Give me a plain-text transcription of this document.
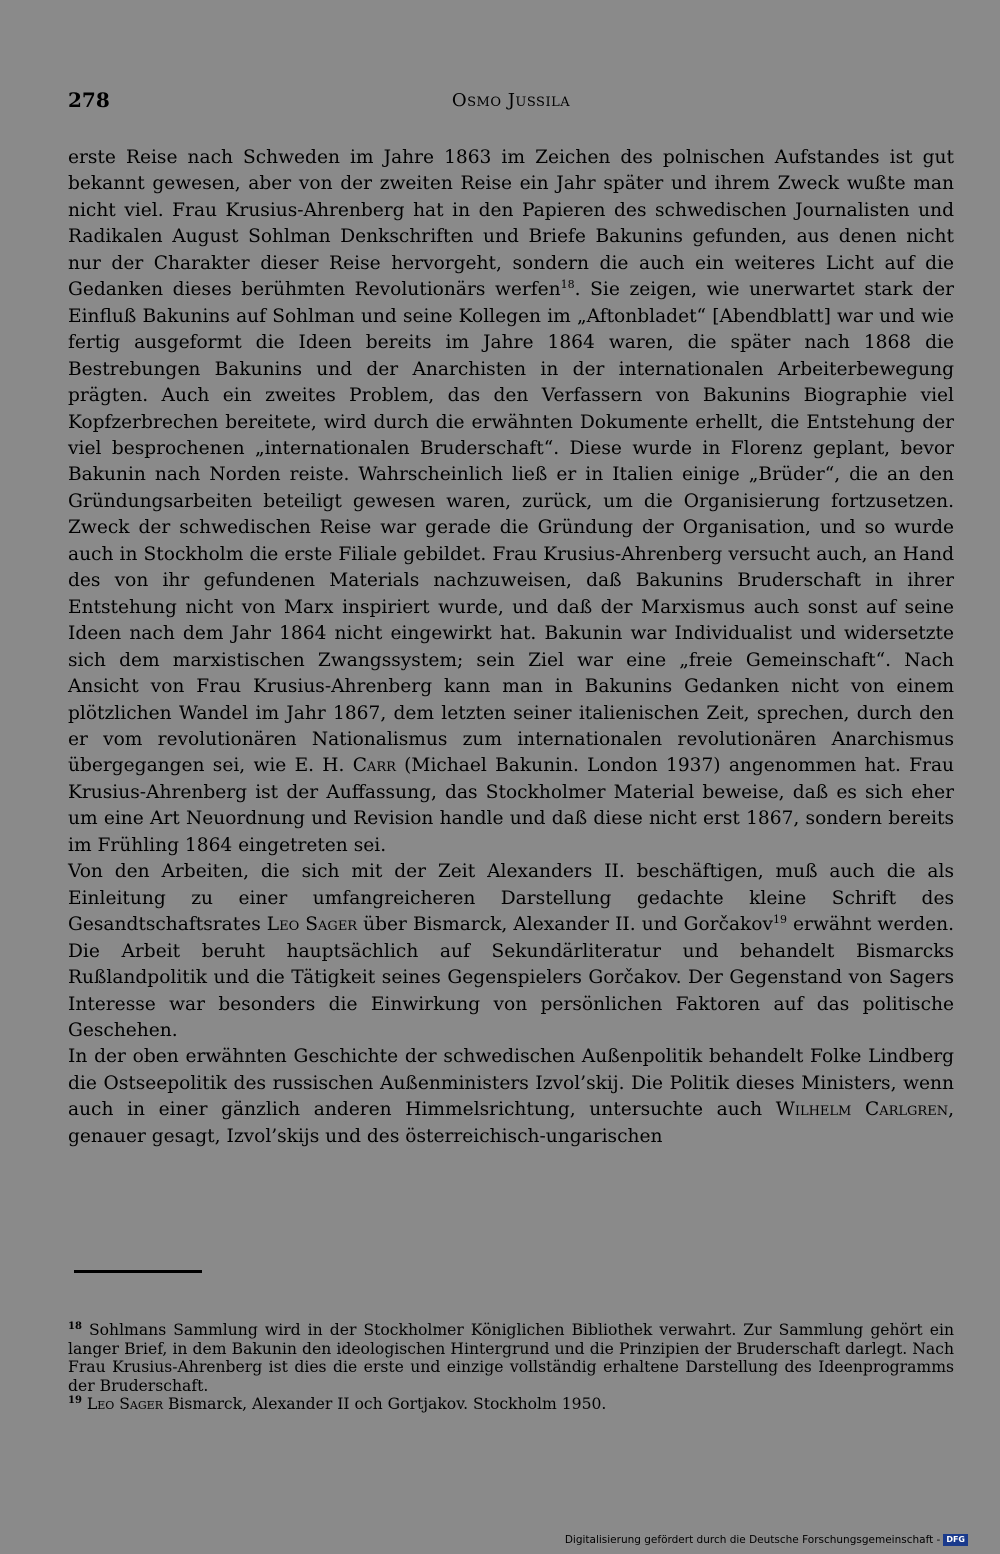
278	Osmo Jussila

erste Reise nach Schweden im Jahre 1863 im Zeichen des polnischen Aufstandes ist gut bekannt gewesen, aber von der zweiten Reise ein Jahr später und ihrem Zweck wußte man nicht viel. Frau Krusius-Ahrenberg hat in den Papieren des schwedischen Journalisten und Radikalen August Sohlman Denkschriften und Briefe Bakunins gefunden, aus denen nicht nur der Charakter dieser Reise hervorgeht, sondern die auch ein weiteres Licht auf die Gedanken dieses berühmten Revolutionärs werfen$^{18}$. Sie zeigen, wie unerwartet stark der Einfluß Bakunins auf Sohlman und seine Kollegen im „Aftonbladet“ [Abendblatt] war und wie fertig ausgeformt die Ideen bereits im Jahre 1864 waren, die später nach 1868 die Bestrebungen Bakunins und der Anarchisten in der internationalen Arbeiterbewegung prägten. Auch ein zweites Problem, das den Verfassern von Bakunins Biographie viel Kopfzerbrechen bereitete, wird durch die erwähnten Dokumente erhellt, die Entstehung der viel besprochenen „internationalen Bruderschaft“. Diese wurde in Florenz geplant, bevor Bakunin nach Norden reiste. Wahrscheinlich ließ er in Italien einige „Brüder“, die an den Gründungsarbeiten beteiligt gewesen waren, zurück, um die Organisierung fortzusetzen. Zweck der schwedischen Reise war gerade die Gründung der Organisation, und so wurde auch in Stockholm die erste Filiale gebildet. Frau Krusius-Ahrenberg versucht auch, an Hand des von ihr gefundenen Materials nachzuweisen, daß Bakunins Bruderschaft in ihrer Entstehung nicht von Marx inspiriert wurde, und daß der Marxismus auch sonst auf seine Ideen nach dem Jahr 1864 nicht eingewirkt hat. Bakunin war Individualist und widersetzte sich dem marxistischen Zwangssystem; sein Ziel war eine „freie Gemeinschaft“. Nach Ansicht von Frau Krusius-Ahrenberg kann man in Bakunins Gedanken nicht von einem plötzlichen Wandel im Jahr 1867, dem letzten seiner italienischen Zeit, sprechen, durch den er vom revolutionären Nationalismus zum internationalen revolutionären Anarchismus übergegangen sei, wie E. H. Carr (Michael Bakunin. London 1937) angenommen hat. Frau Krusius-Ahrenberg ist der Auffassung, das Stockholmer Material beweise, daß es sich eher um eine Art Neuordnung und Revision handle und daß diese nicht erst 1867, sondern bereits im Frühling 1864 eingetreten sei.

Von den Arbeiten, die sich mit der Zeit Alexanders II. beschäftigen, muß auch die als Einleitung zu einer umfangreicheren Darstellung gedachte kleine Schrift des Gesandtschaftsrates Leo Sager über Bismarck, Alexander II. und Gorčakov$^{19}$ erwähnt werden. Die Arbeit beruht hauptsächlich auf Sekundärliteratur und behandelt Bismarcks Rußlandpolitik und die Tätigkeit seines Gegenspielers Gorčakov. Der Gegenstand von Sagers Interesse war besonders die Einwirkung von persönlichen Faktoren auf das politische Geschehen.

In der oben erwähnten Geschichte der schwedischen Außenpolitik behandelt Folke Lindberg die Ostseepolitik des russischen Außenministers Izvol’skij. Die Politik dieses Ministers, wenn auch in einer gänzlich anderen Himmelsrichtung, untersuchte auch Wilhelm Carlgren, genauer gesagt, Izvol’skijs und des österreichisch-ungarischen

$^{18}$ Sohlmans Sammlung wird in der Stockholmer Königlichen Bibliothek verwahrt. Zur Sammlung gehört ein langer Brief, in dem Bakunin den ideologischen Hintergrund und die Prinzipien der Bruderschaft darlegt. Nach Frau Krusius-Ahrenberg ist dies die erste und einzige vollständig erhaltene Darstellung des Ideenprogramms der Bruderschaft.

$^{19}$ Leo Sager Bismarck, Alexander II och Gortjakov. Stockholm 1950.

Digitalisierung gefördert durch die Deutsche Forschungsgemeinschaft - DFG
